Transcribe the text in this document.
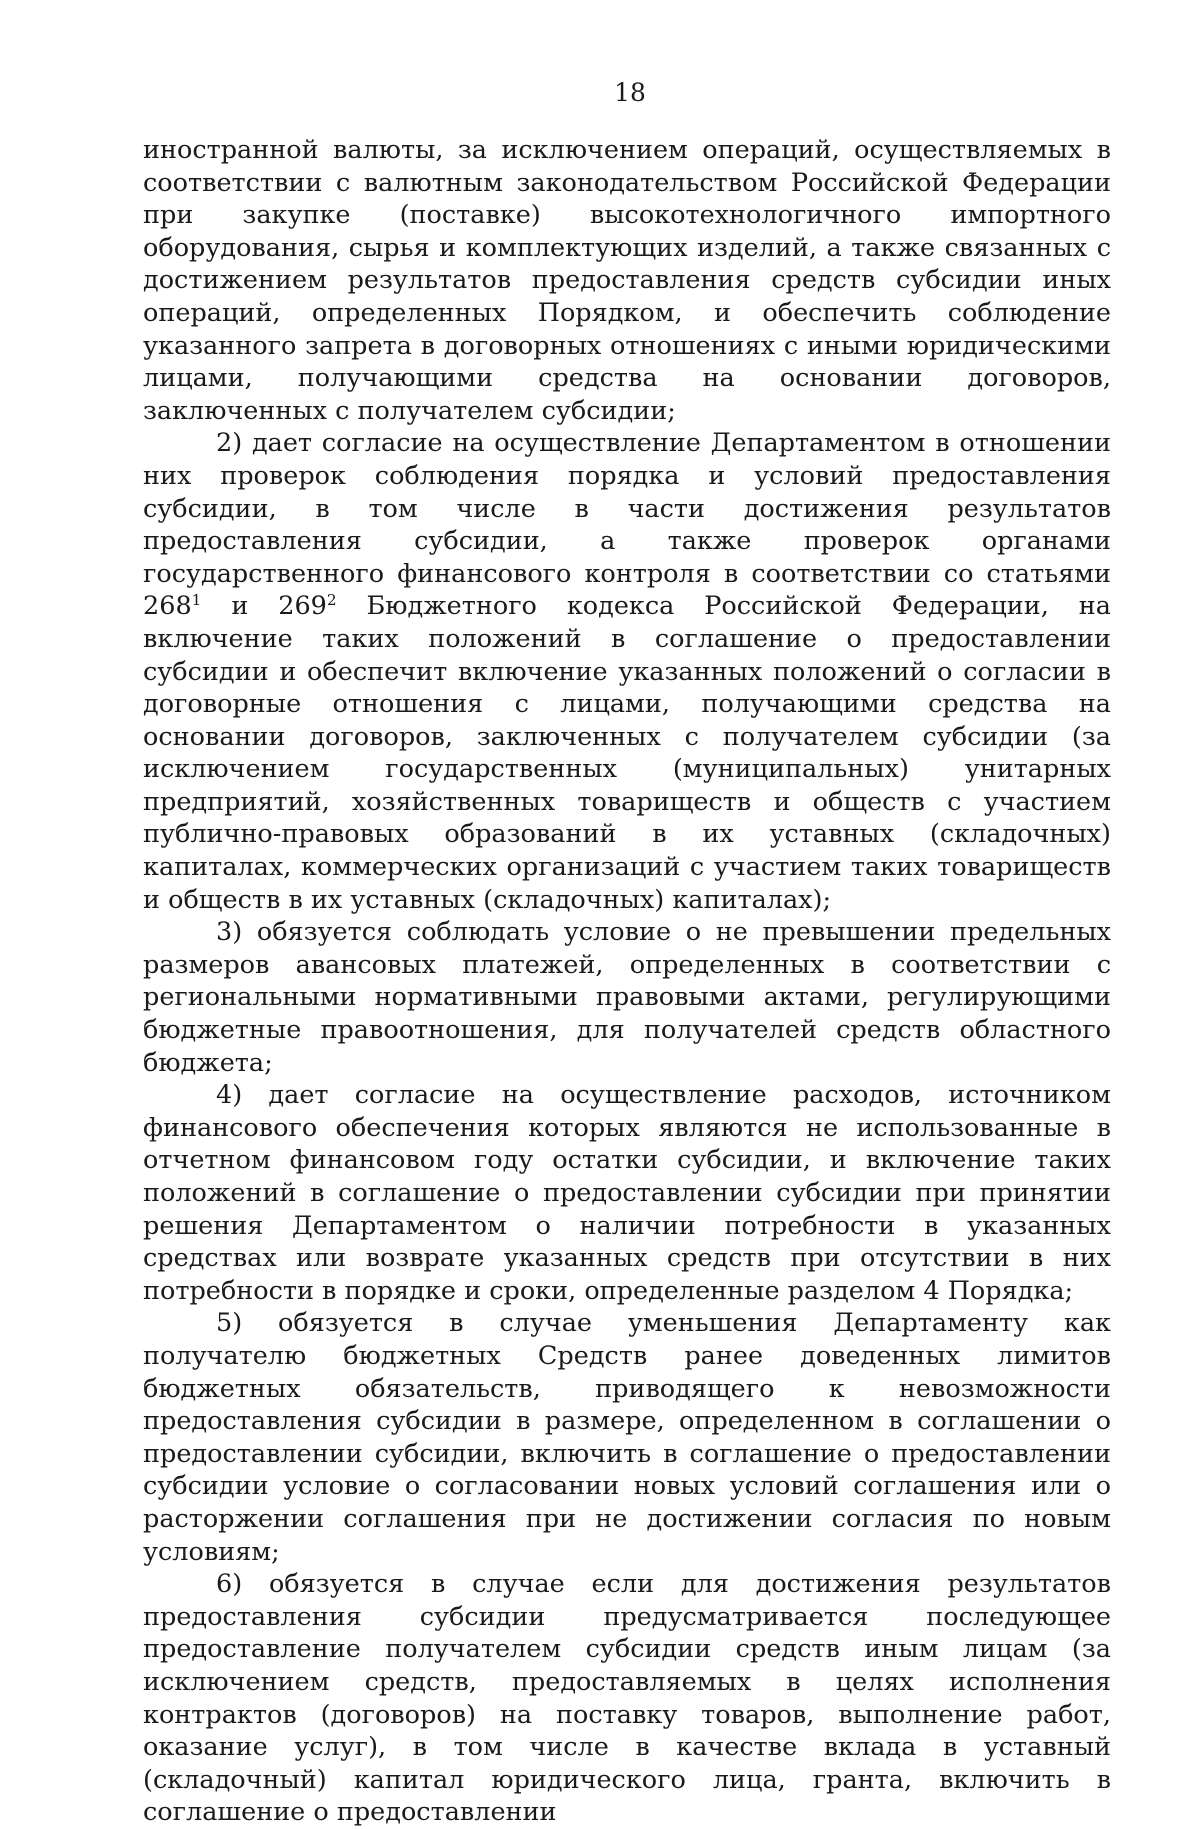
18

иностранной валюты, за исключением операций, осуществляемых в соответствии с валютным законодательством Российской Федерации при закупке (поставке) высокотехнологичного импортного оборудования, сырья и комплектующих изделий, а также связанных с достижением результатов предоставления средств субсидии иных операций, определенных Порядком, и обеспечить соблюдение указанного запрета в договорных отношениях с иными юридическими лицами, получающими средства на основании договоров, заключенных с получателем субсидии;

2) дает согласие на осуществление Департаментом в отношении них проверок соблюдения порядка и условий предоставления субсидии, в том числе в части достижения результатов предоставления субсидии, а также проверок органами государственного финансового контроля в соответствии со статьями $268^1$ и $269^2$ Бюджетного кодекса Российской Федерации, на включение таких положений в соглашение о предоставлении субсидии и обеспечит включение указанных положений о согласии в договорные отношения с лицами, получающими средства на основании договоров, заключенных с получателем субсидии (за исключением государственных (муниципальных) унитарных предприятий, хозяйственных товариществ и обществ с участием публично-правовых образований в их уставных (складочных) капиталах, коммерческих организаций с участием таких товариществ и обществ в их уставных (складочных) капиталах);

3) обязуется соблюдать условие о не превышении предельных размеров авансовых платежей, определенных в соответствии с региональными нормативными правовыми актами, регулирующими бюджетные правоотношения, для получателей средств областного бюджета;

4) дает согласие на осуществление расходов, источником финансового обеспечения которых являются не использованные в отчетном финансовом году остатки субсидии, и включение таких положений в соглашение о предоставлении субсидии при принятии решения Департаментом о наличии потребности в указанных средствах или возврате указанных средств при отсутствии в них потребности в порядке и сроки, определенные разделом 4 Порядка;

5) обязуется в случае уменьшения Департаменту как получателю бюджетных Средств ранее доведенных лимитов бюджетных обязательств, приводящего к невозможности предоставления субсидии в размере, определенном в соглашении о предоставлении субсидии, включить в соглашение о предоставлении субсидии условие о согласовании новых условий соглашения или о расторжении соглашения при не достижении согласия по новым условиям;

6) обязуется в случае если для достижения результатов предоставления субсидии предусматривается последующее предоставление получателем субсидии средств иным лицам (за исключением средств, предоставляемых в целях исполнения контрактов (договоров) на поставку товаров, выполнение работ, оказание услуг), в том числе в качестве вклада в уставный (складочный) капитал юридического лица, гранта, включить в соглашение о предоставлении
